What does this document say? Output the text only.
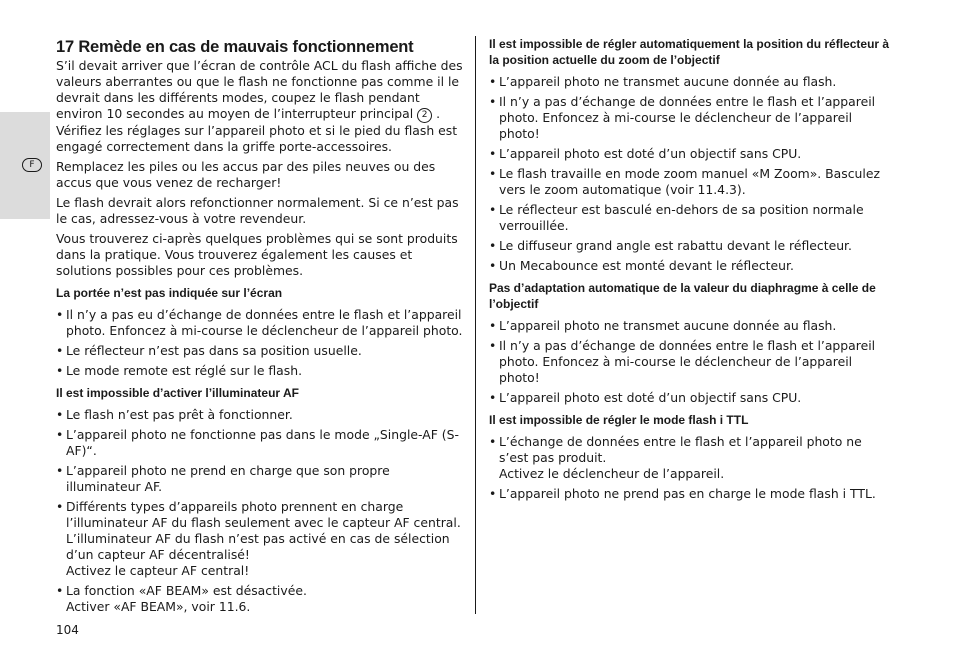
F
17 Remède en cas de mauvais fonctionnement

S’il devait arriver que l’écran de contrôle ACL du flash affiche des valeurs aberrantes ou que le flash ne fonctionne pas comme il le devrait dans les différents modes, coupez le flash pendant environ 10 secondes au moyen de l’interrupteur principal 2 . Vérifiez les réglages sur l’appareil photo et si le pied du flash est engagé correctement dans la griffe porte-accessoires.

Remplacez les piles ou les accus par des piles neuves ou des accus que vous venez de recharger!

Le flash devrait alors refonctionner normalement. Si ce n’est pas le cas, adressez-vous à votre revendeur.

Vous trouverez ci-après quelques problèmes qui se sont produits dans la pratique. Vous trouverez également les causes et solutions possibles pour ces problèmes.

La portée n’est pas indiquée sur l’écran
• Il n’y a pas eu d’échange de données entre le flash et l’appareil photo. Enfoncez à mi-course le déclencheur de l’appareil photo.
• Le réflecteur n’est pas dans sa position usuelle.
• Le mode remote est réglé sur le flash.
Il est impossible d’activer l’illuminateur AF
• Le flash n’est pas prêt à fonctionner.
• L’appareil photo ne fonctionne pas dans le mode „Single-AF (S-AF)“.
• L’appareil photo ne prend en charge que son propre illuminateur AF.
• Différents types d’appareils photo prennent en charge l’illuminateur AF du flash seulement avec le capteur AF central.
L’illuminateur AF du flash n’est pas activé en cas de sélection d’un capteur AF décentralisé!
Activez le capteur AF central!
• La fonction «AF BEAM» est désactivée.
Activer «AF BEAM», voir 11.6.
Il est impossible de régler automatiquement la position du réflecteur à la position actuelle du zoom de l’objectif
• L’appareil photo ne transmet aucune donnée au flash.
• Il n’y a pas d’échange de données entre le flash et l’appareil photo. Enfoncez à mi-course le déclencheur de l’appareil photo!
• L’appareil photo est doté d’un objectif sans CPU.
• Le flash travaille en mode zoom manuel «M Zoom». Basculez vers le zoom automatique (voir 11.4.3).
• Le réflecteur est basculé en-dehors de sa position normale verrouillée.
• Le diffuseur grand angle est rabattu devant le réflecteur.
• Un Mecabounce est monté devant le réflecteur.
Pas d’adaptation automatique de la valeur du diaphragme à celle de l’objectif
• L’appareil photo ne transmet aucune donnée au flash.
• Il n’y a pas d’échange de données entre le flash et l’appareil photo. Enfoncez à mi-course le déclencheur de l’appareil photo!
• L’appareil photo est doté d’un objectif sans CPU.
Il est impossible de régler le mode flash i TTL
• L’échange de données entre le flash et l’appareil photo ne s’est pas produit.
Activez le déclencheur de l’appareil.
• L’appareil photo ne prend pas en charge le mode flash i TTL.
104
